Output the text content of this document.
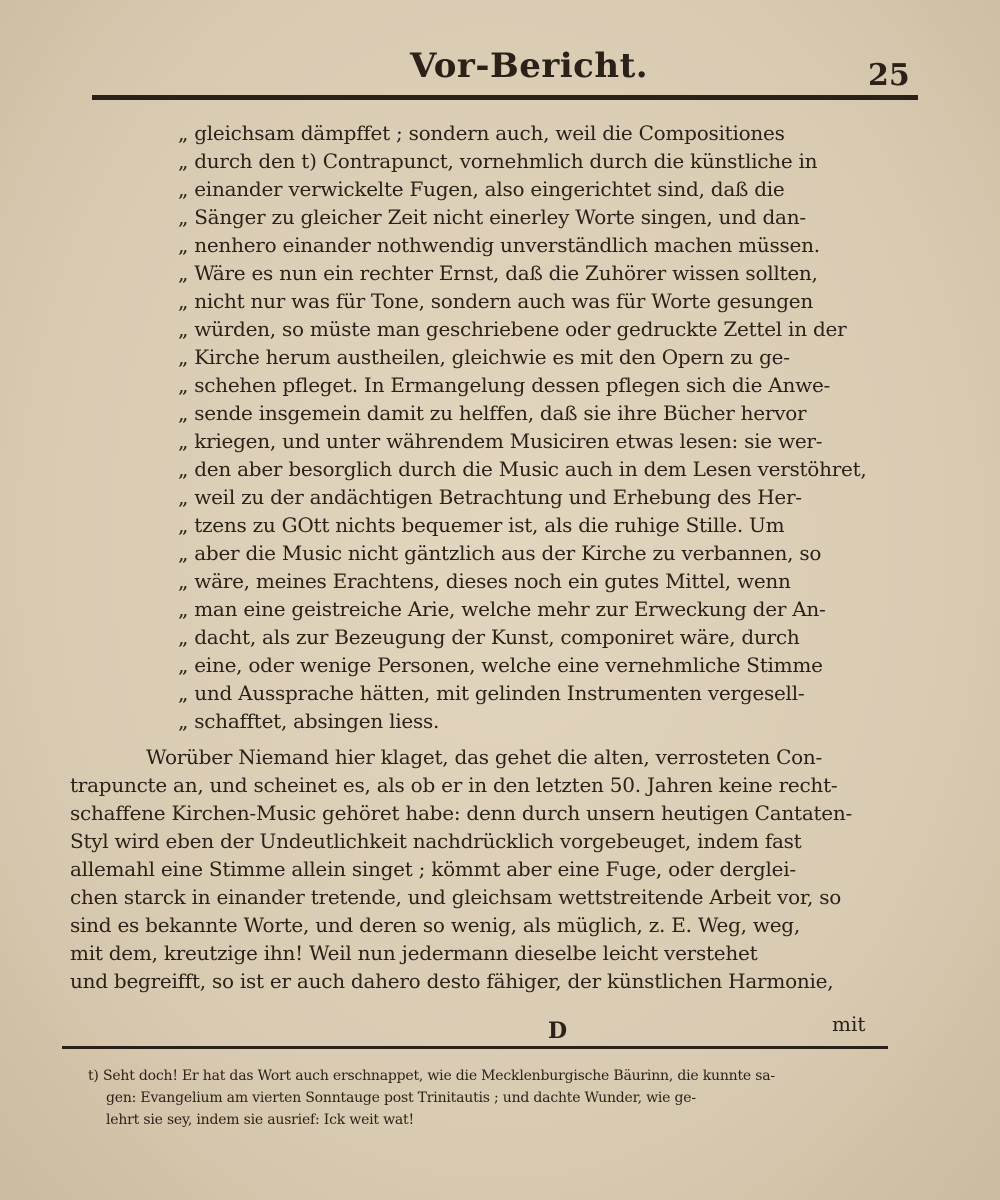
Vor-Bericht.	25
„ gleichsam dämpffet ; sondern auch, weil die Compositiones
„ durch den t) Contrapunct, vornehmlich durch die künstliche in
„ einander verwickelte Fugen, also eingerichtet sind, daß die
„ Sänger zu gleicher Zeit nicht einerley Worte singen, und dan-
„ nenhero einander nothwendig unverständlich machen müssen.
„ Wäre es nun ein rechter Ernst, daß die Zuhörer wissen sollten,
„ nicht nur was für Tone, sondern auch was für Worte gesungen
„ würden, so müste man geschriebene oder gedruckte Zettel in der
„ Kirche herum austheilen, gleichwie es mit den Opern zu ge-
„ schehen pfleget. In Ermangelung dessen pflegen sich die Anwe-
„ sende insgemein damit zu helffen, daß sie ihre Bücher hervor
„ kriegen, und unter währendem Musiciren etwas lesen: sie wer-
„ den aber besorglich durch die Music auch in dem Lesen verstöhret,
„ weil zu der andächtigen Betrachtung und Erhebung des Her-
„ tzens zu GOtt nichts bequemer ist, als die ruhige Stille. Um
„ aber die Music nicht gäntzlich aus der Kirche zu verbannen, so
„ wäre, meines Erachtens, dieses noch ein gutes Mittel, wenn
„ man eine geistreiche Arie, welche mehr zur Erweckung der An-
„ dacht, als zur Bezeugung der Kunst, componiret wäre, durch
„ eine, oder wenige Personen, welche eine vernehmliche Stimme
„ und Aussprache hätten, mit gelinden Instrumenten vergesell-
„ schafftet, absingen liess.
Worüber Niemand hier klaget, das gehet die alten, verrosteten Con-
trapuncte an, und scheinet es, als ob er in den letzten 50. Jahren keine recht-
schaffene Kirchen-Music gehöret habe: denn durch unsern heutigen Cantaten-
Styl wird eben der Undeutlichkeit nachdrücklich vorgebeuget, indem fast
allemahl eine Stimme allein singet ; kömmt aber eine Fuge, oder derglei-
chen starck in einander tretende, und gleichsam wettstreitende Arbeit vor, so
sind es bekannte Worte, und deren so wenig, als müglich, z. E. Weg, weg,
mit dem, kreutzige ihn! Weil nun jedermann dieselbe leicht verstehet
und begreifft, so ist er auch dahero desto fähiger, der künstlichen Harmonie,
D	mit
t) Seht doch! Er hat das Wort auch erschnappet, wie die Mecklenburgische Bäurinn, die kunnte sa-
gen: Evangelium am vierten Sonntauge post Trinitautis ; und dachte Wunder, wie ge-
lehrt sie sey, indem sie ausrief: Ick weit wat!
